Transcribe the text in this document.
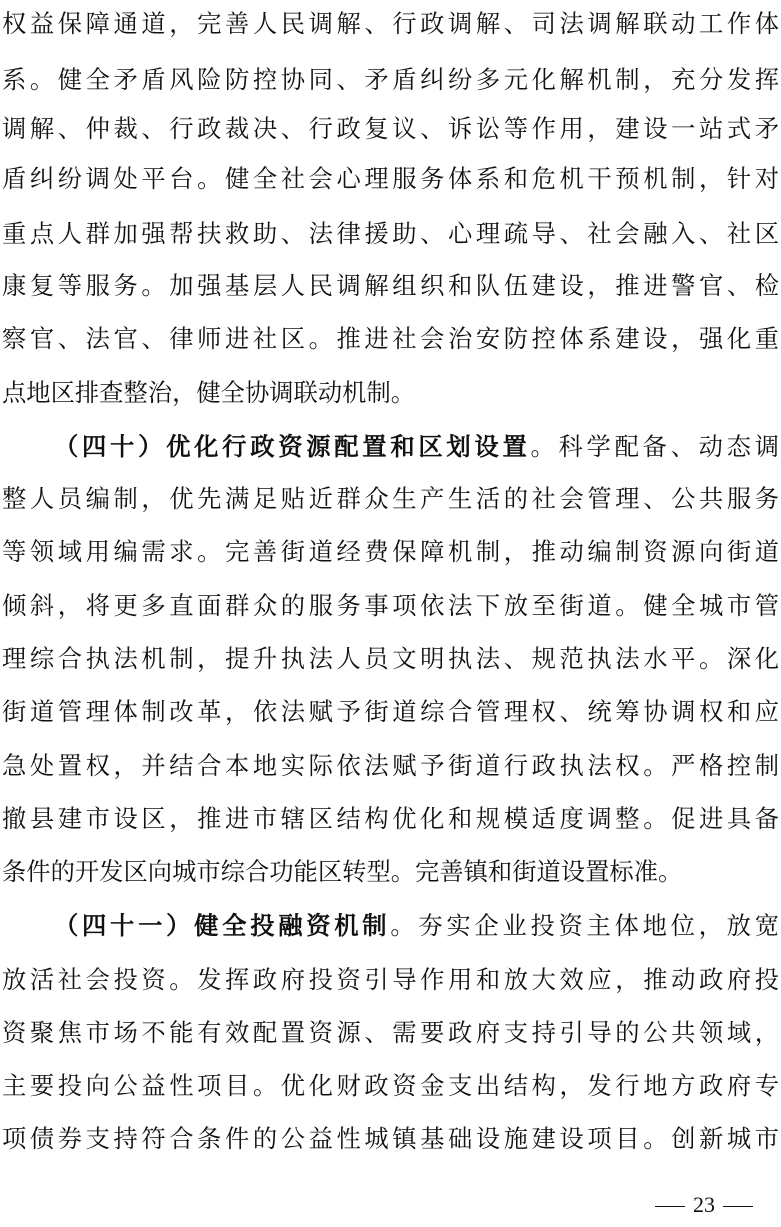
权益保障通道，完善人民调解、行政调解、司法调解联动工作体
系。健全矛盾风险防控协同、矛盾纠纷多元化解机制，充分发挥
调解、仲裁、行政裁决、行政复议、诉讼等作用，建设一站式矛
盾纠纷调处平台。健全社会心理服务体系和危机干预机制，针对
重点人群加强帮扶救助、法律援助、心理疏导、社会融入、社区
康复等服务。加强基层人民调解组织和队伍建设，推进警官、检
察官、法官、律师进社区。推进社会治安防控体系建设，强化重
点地区排查整治，健全协调联动机制。
（四十）优化行政资源配置和区划设置。科学配备、动态调
整人员编制，优先满足贴近群众生产生活的社会管理、公共服务
等领域用编需求。完善街道经费保障机制，推动编制资源向街道
倾斜，将更多直面群众的服务事项依法下放至街道。健全城市管
理综合执法机制，提升执法人员文明执法、规范执法水平。深化
街道管理体制改革，依法赋予街道综合管理权、统筹协调权和应
急处置权，并结合本地实际依法赋予街道行政执法权。严格控制
撤县建市设区，推进市辖区结构优化和规模适度调整。促进具备
条件的开发区向城市综合功能区转型。完善镇和街道设置标准。
（四十一）健全投融资机制。夯实企业投资主体地位，放宽
放活社会投资。发挥政府投资引导作用和放大效应，推动政府投
资聚焦市场不能有效配置资源、需要政府支持引导的公共领域，
主要投向公益性项目。优化财政资金支出结构，发行地方政府专
项债券支持符合条件的公益性城镇基础设施建设项目。创新城市
23
